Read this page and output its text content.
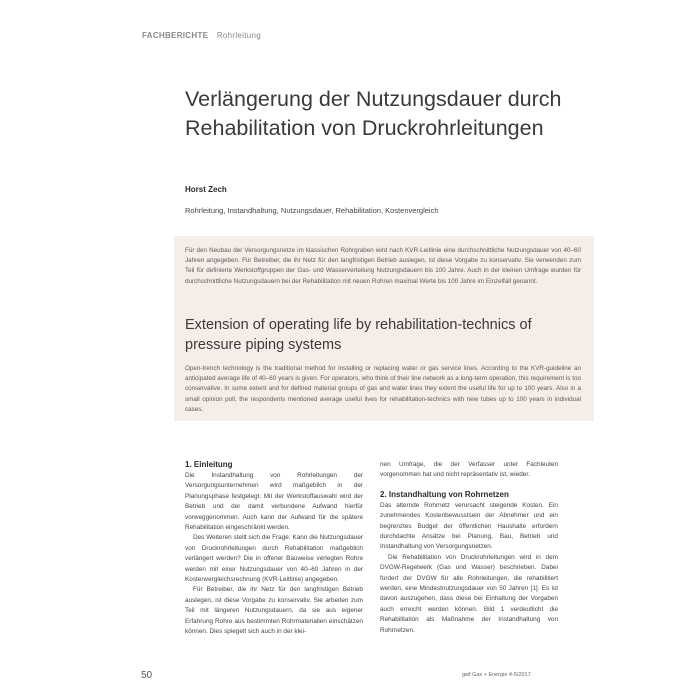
FACHBERICHTE Rohrleitung
Verlängerung der Nutzungsdauer durch Rehabilitation von Druckrohrleitungen
Horst Zech
Rohrleitung, Instandhaltung, Nutzungsdauer, Rehabilitation, Kostenvergleich

Für den Neubau der Versorgungsnetze im klassischen Rohrgraben wird nach KVR-Leitlinie eine durchschnittliche Nutzungsdauer von 40–60 Jahren angegeben. Für Betreiber, die ihr Netz für den langfristigen Betrieb auslegen, ist diese Vorgabe zu konservativ. Sie verwenden zum Teil für definierte Werkstoffgruppen der Gas- und Wasserverteilung Nutzungsdauern bis 100 Jahre. Auch in der kleinen Umfrage wurden für durchschnittliche Nutzungsdauern bei der Rehabilitation mit neuen Rohren maximal Werte bis 100 Jahre im Einzelfall genannt.

Extension of operating life by rehabilitation-technics of pressure piping systems

Open-trench technology is the traditional method for installing or replacing water or gas service lines. According to the KVR-guideline an anticipated average life of 40–60 years is given. For operators, who think of their line network as a long-term operation, this requirement is too conservative. In some extent and for defined material groups of gas and water lines they extent the useful life for up to 100 years. Also in a small opinion poll, the respondents mentioned average useful lives for rehabilitation-technics with new tubes up to 100 years in individual cases.

1. Einleitung

Die Instandhaltung von Rohrleitungen der Versorgungsunternehmen wird maßgeblich in der Planungsphase festgelegt. Mit der Werkstoffauswahl wird der Betrieb und der damit verbundene Aufwand hierfür vorweggenommen. Auch kann der Aufwand für die spätere Rehabilitation eingeschränkt werden.

Des Weiteren stellt sich die Frage: Kann die Nutzungsdauer von Druckrohrleitungen durch Rehabilitation maßgeblich verlängert werden? Die in offener Bauweise verlegten Rohre werden mit einer Nutzungsdauer von 40–60 Jahren in der Kostenvergleichsrechnung (KVR-Leitlinie) angegeben.

Für Betreiber, die ihr Netz für den langfristigen Betrieb auslegen, ist diese Vorgabe zu konservativ. Sie arbeiten zum Teil mit längeren Nutzungsdauern, da sie aus eigener Erfahrung Rohre aus bestimmten Rohrmaterialien einschätzen können. Dies spiegelt sich auch in der klei-

nen Umfrage, die der Verfasser unter Fachleuten vorgenommen hat und nicht repräsentativ ist, wieder.

2. Instandhaltung von Rohrnetzen

Das alternde Rohrnetz verursacht steigende Kosten. Ein zunehmendes Kostenbewusstsein der Abnehmer und ein begrenztes Budget der öffentlichen Haushalte erfordern durchdachte Ansätze bei Planung, Bau, Betrieb und Instandhaltung von Versorgungsnetzen.

Die Rehabilitation von Druckrohrleitungen wird in dem DVGW-Regelwerk (Gas und Wasser) beschrieben. Dabei fordert der DVGW für alle Rohrleitungen, die rehabilitiert werden, eine Mindestnutzungsdauer von 50 Jahren [1]. Es ist davon auszugehen, dass diese bei Einhaltung der Vorgaben auch erreicht werden können. Bild 1 verdeutlicht die Rehabilitation als Maßnahme der Instandhaltung von Rohrnetzen.

50	gwf Gas + Energie 4-5/2017
